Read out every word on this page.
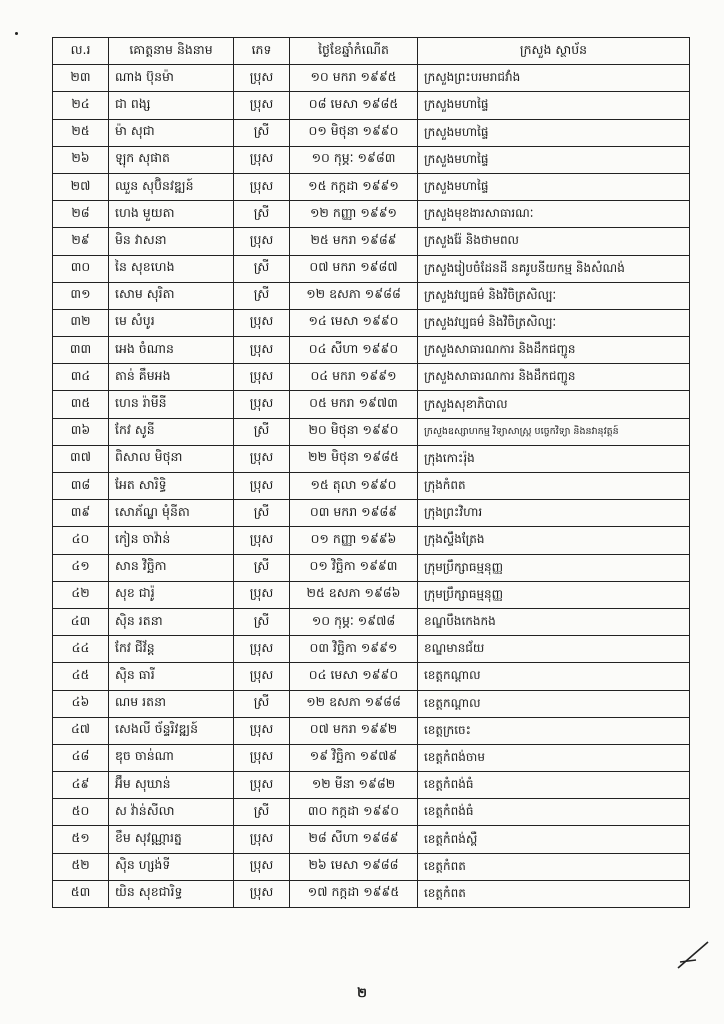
ល.រ	គោត្តនាម និងនាម	ភេទ	ថ្ងៃខែឆ្នាំកំណើត	ក្រសួង ស្ថាប័ន
២៣	ណាង ប៊ុនម៉ា	ប្រុស	១០ មករា ១៩៩៥	ក្រសួងព្រះបរមរាជវាំង
២៤	ជា ពង្ស	ប្រុស	០៨ មេសា ១៩៨៥	ក្រសួងមហាផ្ទៃ
២៥	ម៉ា សុជា	ស្រី	០១ មិថុនា ១៩៩០	ក្រសួងមហាផ្ទៃ
២៦	ឡុក សុផាត	ប្រុស	១០ កុម្ភៈ ១៩៨៣	ក្រសួងមហាផ្ទៃ
២៧	ឈួន សុប៊ិនវឌ្ឍន៍	ប្រុស	១៥ កក្កដា ១៩៩១	ក្រសួងមហាផ្ទៃ
២៨	ហេង មួយតា	ស្រី	១២ កញ្ញា ១៩៩១	ក្រសួងមុខងារសាធារណៈ
២៩	មិន វាសនា	ប្រុស	២៥ មករា ១៩៨៩	ក្រសួងរ៉ែ និងថាមពល
៣០	នៃ សុខហេង	ស្រី	០៧ មករា ១៩៨៧	ក្រសួងរៀបចំដែនដី នគរូបនីយកម្ម និងសំណង់
៣១	សោម សុរិតា	ស្រី	១២ ឧសភា ១៩៨៨	ក្រសួងវប្បធម៌ និងវិចិត្រសិល្បៈ
៣២	មេ សំបូរ	ប្រុស	១៤ មេសា ១៩៩០	ក្រសួងវប្បធម៌ និងវិចិត្រសិល្បៈ
៣៣	អេង ចំណាន	ប្រុស	០៤ សីហា ១៩៩០	ក្រសួងសាធារណការ និងដឹកជញ្ជូន
៣៤	តាន់ គឹមអង	ប្រុស	០៤ មករា ១៩៩១	ក្រសួងសាធារណការ និងដឹកជញ្ជូន
៣៥	ហេន រ៉ាមីនី	ប្រុស	០៥ មករា ១៩៧៣	ក្រសួងសុខាភិបាល
៣៦	កែវ សូនី	ស្រី	២០ មិថុនា ១៩៩០	ក្រសួងឧស្សាហកម្ម វិទ្យាសាស្ត្រ បច្ចេកវិទ្យា និងនវានុវត្តន៍
៣៧	ពិសាល មិថុនា	ប្រុស	២២ មិថុនា ១៩៨៥	ក្រុងកោះរ៉ុង
៣៨	អែត សារិទ្ធិ	ប្រុស	១៥ តុលា ១៩៩០	ក្រុងកំពត
៣៩	សោភ័ណ្ឌ មុំនីតា	ស្រី	០៣ មករា ១៩៨៩	ក្រុងព្រះវិហារ
៤០	កៀន ចាវ៉ាន់	ប្រុស	០១ កញ្ញា ១៩៩៦	ក្រុងស្ទឹងត្រែង
៤១	សាន វិច្ឆិកា	ស្រី	០១ វិច្ឆិកា ១៩៩៣	ក្រុមប្រឹក្សាធម្មនុញ្ញ
៤២	សុខ ជារ៉ូ	ប្រុស	២៥ ឧសភា ១៩៨៦	ក្រុមប្រឹក្សាធម្មនុញ្ញ
៤៣	ស៊ិន រតនា	ស្រី	១០ កុម្ភៈ ១៩៧៨	ខណ្ឌបឹងកេងកង
៤៤	កែវ ជីវ័ន្ត	ប្រុស	០៣ វិច្ឆិកា ១៩៩១	ខណ្ឌមានជ័យ
៤៥	ស៊ិន ធារី	ប្រុស	០៤ មេសា ១៩៩០	ខេត្តកណ្ដាល
៤៦	ណម រតនា	ស្រី	១២ ឧសភា ១៩៨៨	ខេត្តកណ្ដាល
៤៧	សេងលី ច័ន្ទរិវឌ្ឍន៍	ប្រុស	០៧ មករា ១៩៩២	ខេត្តក្រចេះ
៤៨	ឌុច ចាន់ណា	ប្រុស	១៩ វិច្ឆិកា ១៩៧៩	ខេត្តកំពង់ចាម
៤៩	អ៊ឹម សុឃាន់	ប្រុស	១២ មីនា ១៩៨២	ខេត្តកំពង់ធំ
៥០	ស វ៉ាន់សីលា	ស្រី	៣០ កក្កដា ១៩៩០	ខេត្តកំពង់ធំ
៥១	ខឹម សុវណ្ណារត្ន	ប្រុស	២៨ សីហា ១៩៨៩	ខេត្តកំពង់ស្ពឺ
៥២	ស៊ិន ហ្សង់ទី	ប្រុស	២៦ មេសា ១៩៨៨	ខេត្តកំពត
៥៣	យិន សុខជារិទ្ធ	ប្រុស	១៧ កក្កដា ១៩៩៥	ខេត្តកំពត
២
